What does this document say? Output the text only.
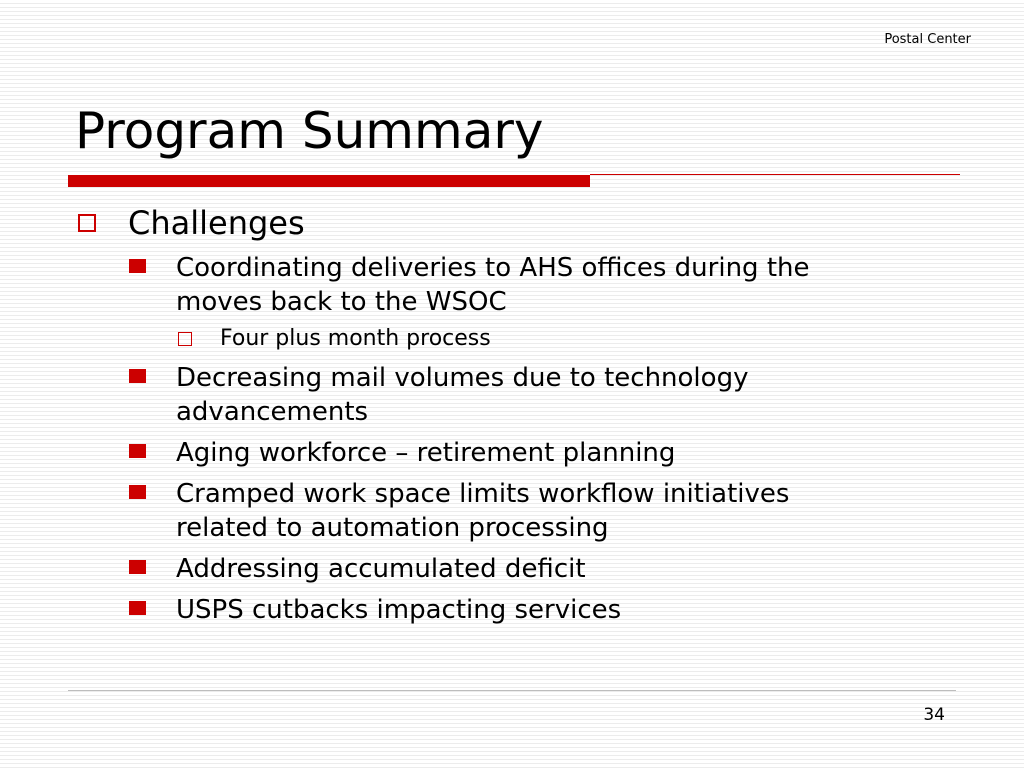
Postal Center
Program Summary
Challenges
Coordinating deliveries to AHS offices during the
moves back to the WSOC
Four plus month process
Decreasing mail volumes due to technology
advancements
Aging workforce – retirement planning
Cramped work space limits workflow initiatives
related to automation processing
Addressing accumulated deficit
USPS cutbacks impacting services
34
